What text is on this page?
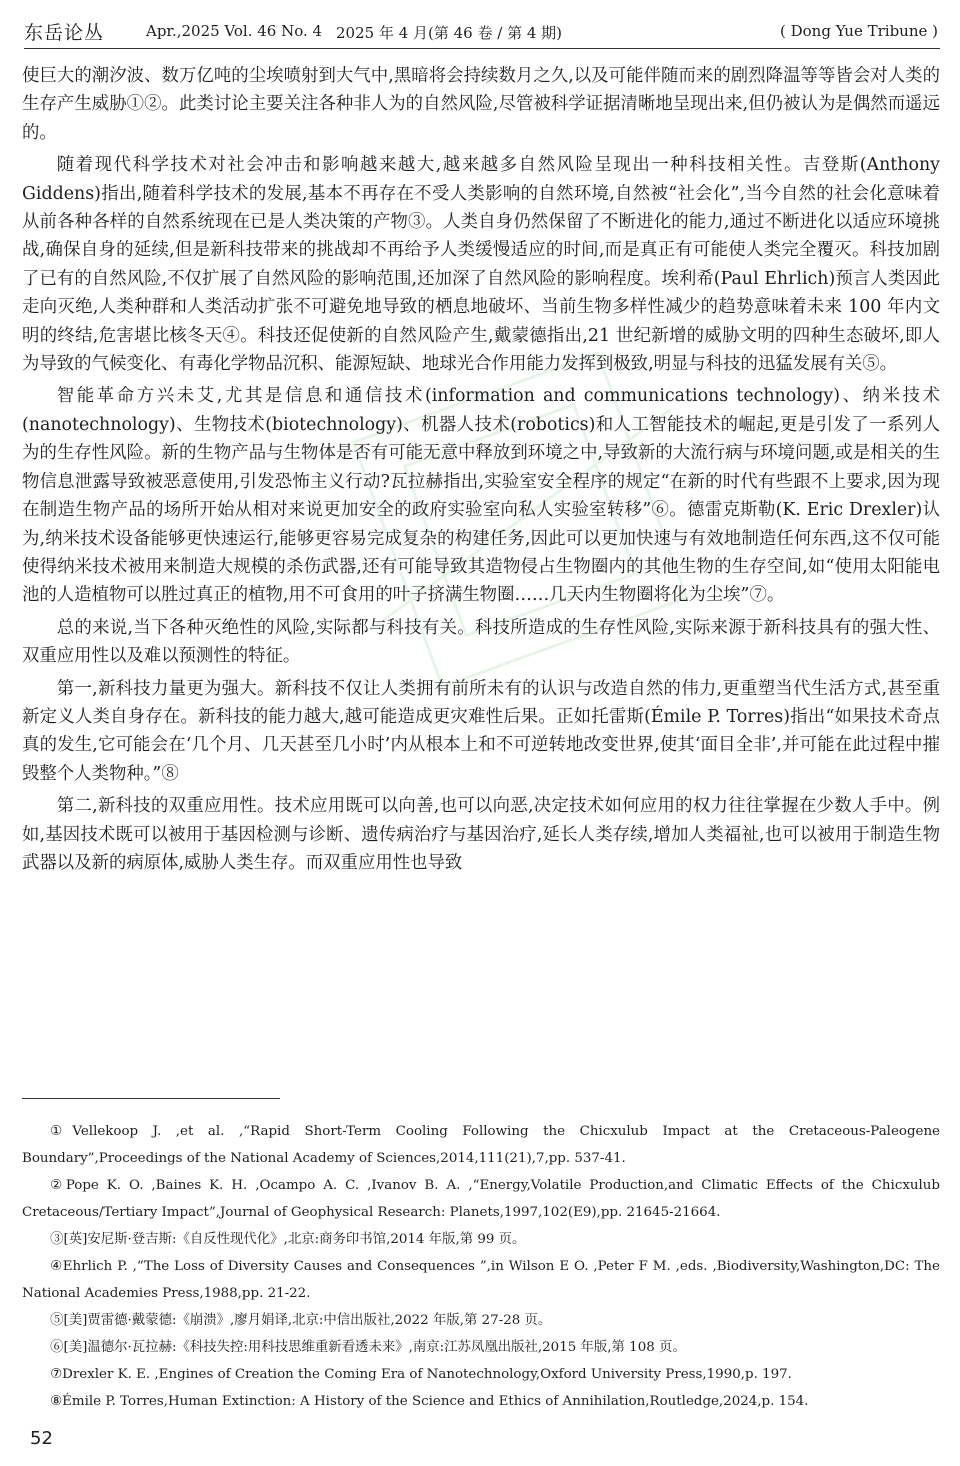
东岳论丛	Apr.,2025 Vol. 46 No. 4 2025 年 4 月(第 46 卷 / 第 4 期)	( Dong Yue Tribune )

使巨大的潮汐波、数万亿吨的尘埃喷射到大气中,黑暗将会持续数月之久,以及可能伴随而来的剧烈降温等等皆会对人类的生存产生威胁①②。此类讨论主要关注各种非人为的自然风险,尽管被科学证据清晰地呈现出来,但仍被认为是偶然而遥远的。

随着现代科学技术对社会冲击和影响越来越大,越来越多自然风险呈现出一种科技相关性。吉登斯(Anthony Giddens)指出,随着科学技术的发展,基本不再存在不受人类影响的自然环境,自然被“社会化”,当今自然的社会化意味着从前各种各样的自然系统现在已是人类决策的产物③。人类自身仍然保留了不断进化的能力,通过不断进化以适应环境挑战,确保自身的延续,但是新科技带来的挑战却不再给予人类缓慢适应的时间,而是真正有可能使人类完全覆灭。科技加剧了已有的自然风险,不仅扩展了自然风险的影响范围,还加深了自然风险的影响程度。埃利希(Paul Ehrlich)预言人类因此走向灭绝,人类种群和人类活动扩张不可避免地导致的栖息地破坏、当前生物多样性减少的趋势意味着未来 100 年内文明的终结,危害堪比核冬天④。科技还促使新的自然风险产生,戴蒙德指出,21 世纪新增的威胁文明的四种生态破坏,即人为导致的气候变化、有毒化学物品沉积、能源短缺、地球光合作用能力发挥到极致,明显与科技的迅猛发展有关⑤。

智能革命方兴未艾,尤其是信息和通信技术(information and communications technology)、纳米技术(nanotechnology)、生物技术(biotechnology)、机器人技术(robotics)和人工智能技术的崛起,更是引发了一系列人为的生存性风险。新的生物产品与生物体是否有可能无意中释放到环境之中,导致新的大流行病与环境问题,或是相关的生物信息泄露导致被恶意使用,引发恐怖主义行动?瓦拉赫指出,实验室安全程序的规定“在新的时代有些跟不上要求,因为现在制造生物产品的场所开始从相对来说更加安全的政府实验室向私人实验室转移”⑥。德雷克斯勒(K. Eric Drexler)认为,纳米技术设备能够更快速运行,能够更容易完成复杂的构建任务,因此可以更加快速与有效地制造任何东西,这不仅可能使得纳米技术被用来制造大规模的杀伤武器,还有可能导致其造物侵占生物圈内的其他生物的生存空间,如“使用太阳能电池的人造植物可以胜过真正的植物,用不可食用的叶子挤满生物圈……几天内生物圈将化为尘埃”⑦。

总的来说,当下各种灭绝性的风险,实际都与科技有关。科技所造成的生存性风险,实际来源于新科技具有的强大性、双重应用性以及难以预测性的特征。

第一,新科技力量更为强大。新科技不仅让人类拥有前所未有的认识与改造自然的伟力,更重塑当代生活方式,甚至重新定义人类自身存在。新科技的能力越大,越可能造成更灾难性后果。正如托雷斯(Émile P. Torres)指出“如果技术奇点真的发生,它可能会在‘几个月、几天甚至几小时’内从根本上和不可逆转地改变世界,使其‘面目全非’,并可能在此过程中摧毁整个人类物种。”⑧

第二,新科技的双重应用性。技术应用既可以向善,也可以向恶,决定技术如何应用的权力往往掌握在少数人手中。例如,基因技术既可以被用于基因检测与诊断、遗传病治疗与基因治疗,延长人类存续,增加人类福祉,也可以被用于制造生物武器以及新的病原体,威胁人类生存。而双重应用性也导致

①Vellekoop J. ,et al. ,“Rapid Short-Term Cooling Following the Chicxulub Impact at the Cretaceous-Paleogene Boundary”,Proceedings of the National Academy of Sciences,2014,111(21),7,pp. 537-41.

②Pope K. O. ,Baines K. H. ,Ocampo A. C. ,Ivanov B. A. ,“Energy,Volatile Production,and Climatic Effects of the Chicxulub Cretaceous/Tertiary Impact”,Journal of Geophysical Research: Planets,1997,102(E9),pp. 21645-21664.

③[英]安尼斯·登吉斯:《自反性现代化》,北京:商务印书馆,2014 年版,第 99 页。

④Ehrlich P. ,“The Loss of Diversity Causes and Consequences ”,in Wilson E O. ,Peter F M. ,eds. ,Biodiversity,Washington,DC: The National Academies Press,1988,pp. 21-22.

⑤[美]贾雷德·戴蒙德:《崩溃》,廖月娟译,北京:中信出版社,2022 年版,第 27-28 页。

⑥[美]温德尔·瓦拉赫:《科技失控:用科技思维重新看透未来》,南京:江苏凤凰出版社,2015 年版,第 108 页。

⑦Drexler K. E. ,Engines of Creation the Coming Era of Nanotechnology,Oxford University Press,1990,p. 197.

⑧Émile P. Torres,Human Extinction: A History of the Science and Ethics of Annihilation,Routledge,2024,p. 154.

52
